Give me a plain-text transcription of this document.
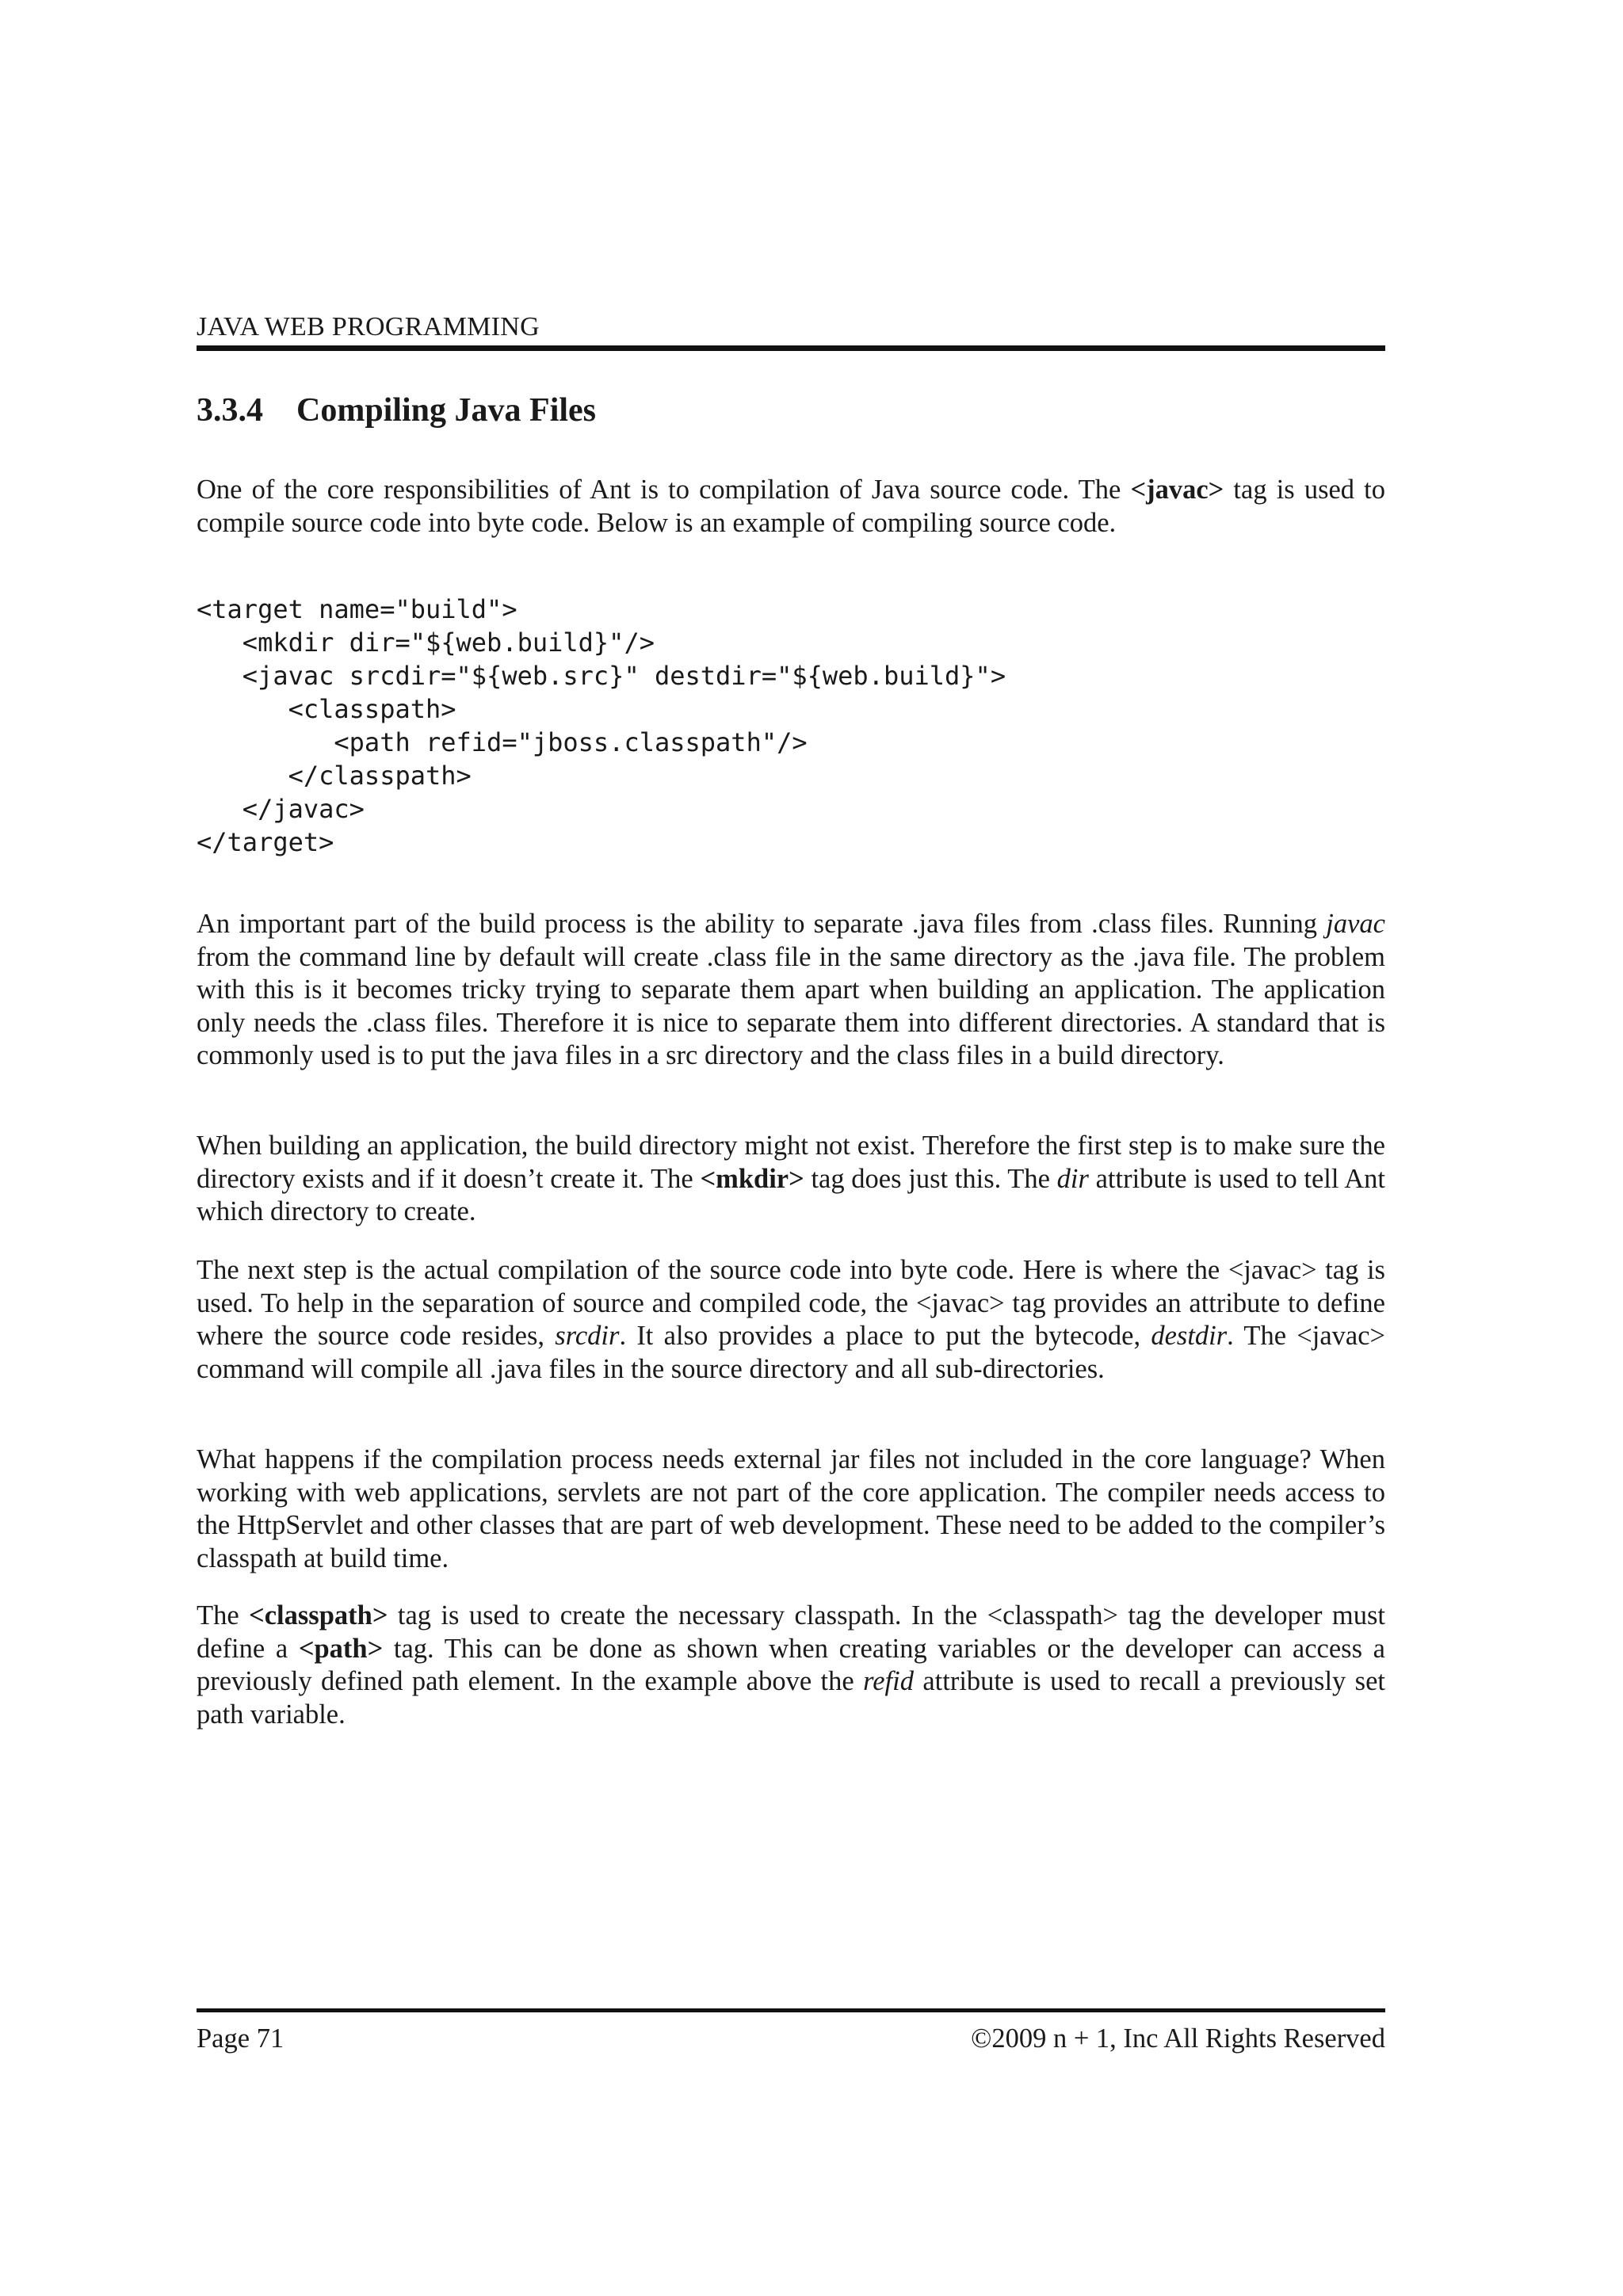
JAVA WEB PROGRAMMING
3.3.4 Compiling Java Files

One of the core responsibilities of Ant is to compilation of Java source code. The <javac> tag is used to compile source code into byte code. Below is an example of compiling source code.

<target name="build">
<mkdir dir="${web.build}"/>
<javac srcdir="${web.src}" destdir="${web.build}">
<classpath>
<path refid="jboss.classpath"/>
</classpath>
</javac>
</target>

An important part of the build process is the ability to separate .java files from .class files. Running javac from the command line by default will create .class file in the same directory as the .java file. The problem with this is it becomes tricky trying to separate them apart when building an application. The application only needs the .class files. Therefore it is nice to separate them into different directories. A standard that is commonly used is to put the java files in a src directory and the class files in a build directory.

When building an application, the build directory might not exist. Therefore the first step is to make sure the directory exists and if it doesn’t create it. The <mkdir> tag does just this. The dir attribute is used to tell Ant which directory to create.

The next step is the actual compilation of the source code into byte code. Here is where the <javac> tag is used. To help in the separation of source and compiled code, the <javac> tag provides an attribute to define where the source code resides, srcdir. It also provides a place to put the bytecode, destdir. The <javac> command will compile all .java files in the source directory and all sub-directories.

What happens if the compilation process needs external jar files not included in the core language? When working with web applications, servlets are not part of the core application. The compiler needs access to the HttpServlet and other classes that are part of web development. These need to be added to the compiler’s classpath at build time.

The <classpath> tag is used to create the necessary classpath. In the <classpath> tag the developer must define a <path> tag. This can be done as shown when creating variables or the developer can access a previously defined path element. In the example above the refid attribute is used to recall a previously set path variable.

Page 71	©2009 n + 1, Inc All Rights Reserved
